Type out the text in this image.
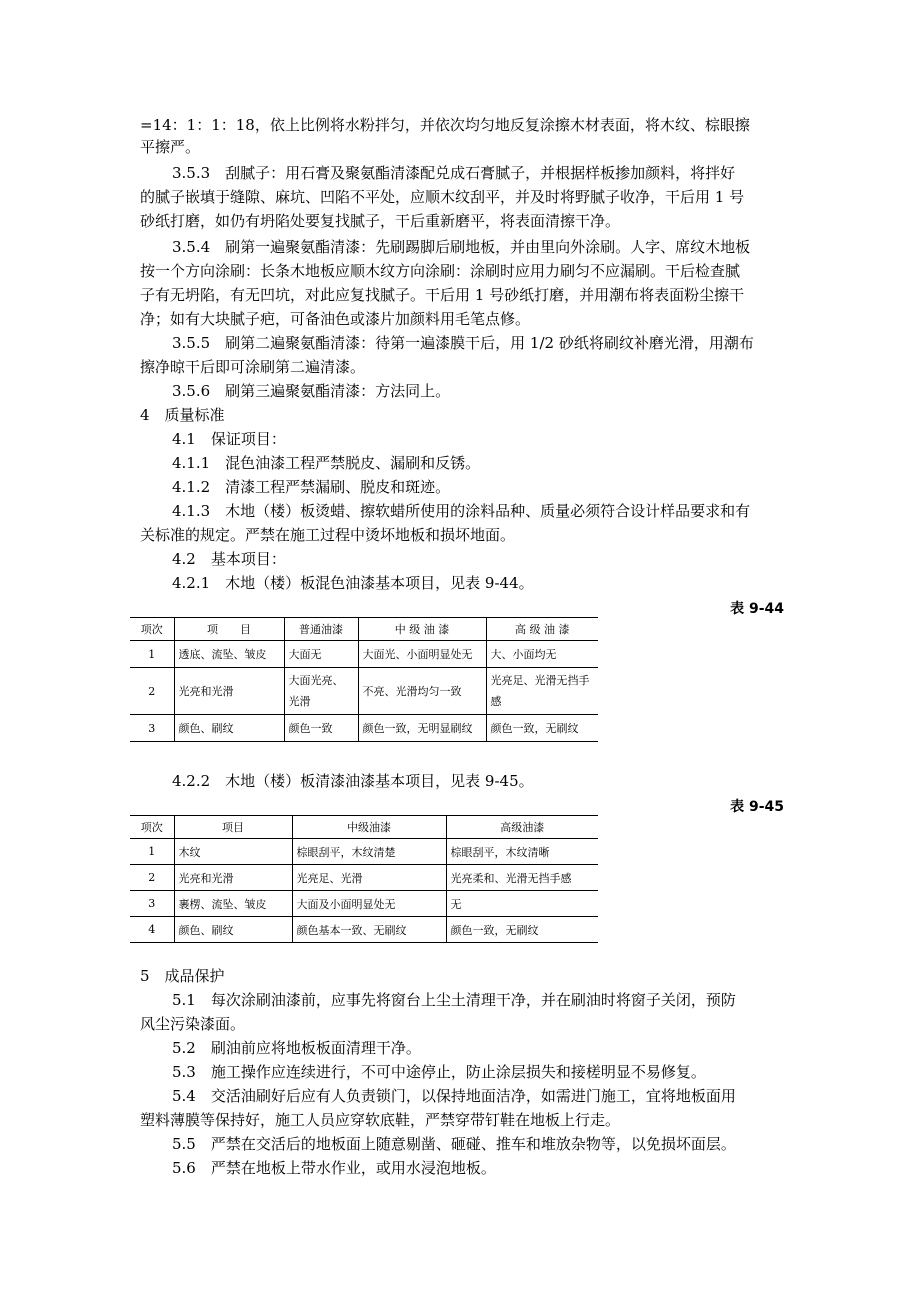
=14：1：1：18，依上比例将水粉拌匀，并依次均匀地反复涂擦木材表面，将木纹、棕眼擦
平擦严。
3.5.3　刮腻子：用石膏及聚氨酯清漆配兑成石膏腻子，并根据样板掺加颜料，将拌好
的腻子嵌填于缝隙、麻坑、凹陷不平处，应顺木纹刮平，并及时将野腻子收净，干后用 1 号
砂纸打磨，如仍有坍陷处要复找腻子，干后重新磨平，将表面清擦干净。
3.5.4　刷第一遍聚氨酯清漆：先刷踢脚后刷地板，并由里向外涂刷。人字、席纹木地板
按一个方向涂刷：长条木地板应顺木纹方向涂刷：涂刷时应用力刷匀不应漏刷。干后检查腻
子有无坍陷，有无凹坑，对此应复找腻子。干后用 1 号砂纸打磨，并用潮布将表面粉尘擦干
净；如有大块腻子疤，可备油色或漆片加颜料用毛笔点修。
3.5.5　刷第二遍聚氨酯清漆：待第一遍漆膜干后，用 1/2 砂纸将刷纹补磨光滑，用潮布
擦净晾干后即可涂刷第二遍清漆。
3.5.6　刷第三遍聚氨酯清漆：方法同上。
4　质量标准
4.1　保证项目：
4.1.1　混色油漆工程严禁脱皮、漏刷和反锈。
4.1.2　清漆工程严禁漏刷、脱皮和斑迹。
4.1.3　木地（楼）板烫蜡、擦软蜡所使用的涂料品种、质量必须符合设计样品要求和有
关标准的规定。严禁在施工过程中烫坏地板和损坏地面。
4.2　基本项目：
4.2.1　木地（楼）板混色油漆基本项目，见表 9-44。
表 9-44
项次	项　　目	普通油漆	中 级 油 漆	高 级 油 漆
1	透底、流坠、皱皮	大面无	大面光、小面明显处无	大、小面均无
2	光亮和光滑	大面光亮、光滑	不亮、光滑均匀一致	光亮足、光滑无挡手感
3	颜色、刷纹	颜色一致	颜色一致，无明显刷纹	颜色一致，无刷纹
4.2.2　木地（楼）板清漆油漆基本项目，见表 9-45。
表 9-45
项次	项目	中级油漆	高级油漆
1	木纹	棕眼刮平，木纹清楚	棕眼刮平，木纹清晰
2	光亮和光滑	光亮足、光滑	光亮柔和、光滑无挡手感
3	裹楞、流坠、皱皮	大面及小面明显处无	无
4	颜色、刷纹	颜色基本一致、无刷纹	颜色一致，无刷纹
5　成品保护
5.1　每次涂刷油漆前，应事先将窗台上尘土清理干净，并在刷油时将窗子关闭，预防
风尘污染漆面。
5.2　刷油前应将地板板面清理干净。
5.3　施工操作应连续进行，不可中途停止，防止涂层损失和接槎明显不易修复。
5.4　交活油刷好后应有人负责锁门，以保持地面洁净，如需进门施工，宜将地板面用
塑料薄膜等保持好，施工人员应穿软底鞋，严禁穿带钉鞋在地板上行走。
5.5　严禁在交活后的地板面上随意剔凿、砸碰、推车和堆放杂物等，以免损坏面层。
5.6　严禁在地板上带水作业，或用水浸泡地板。
